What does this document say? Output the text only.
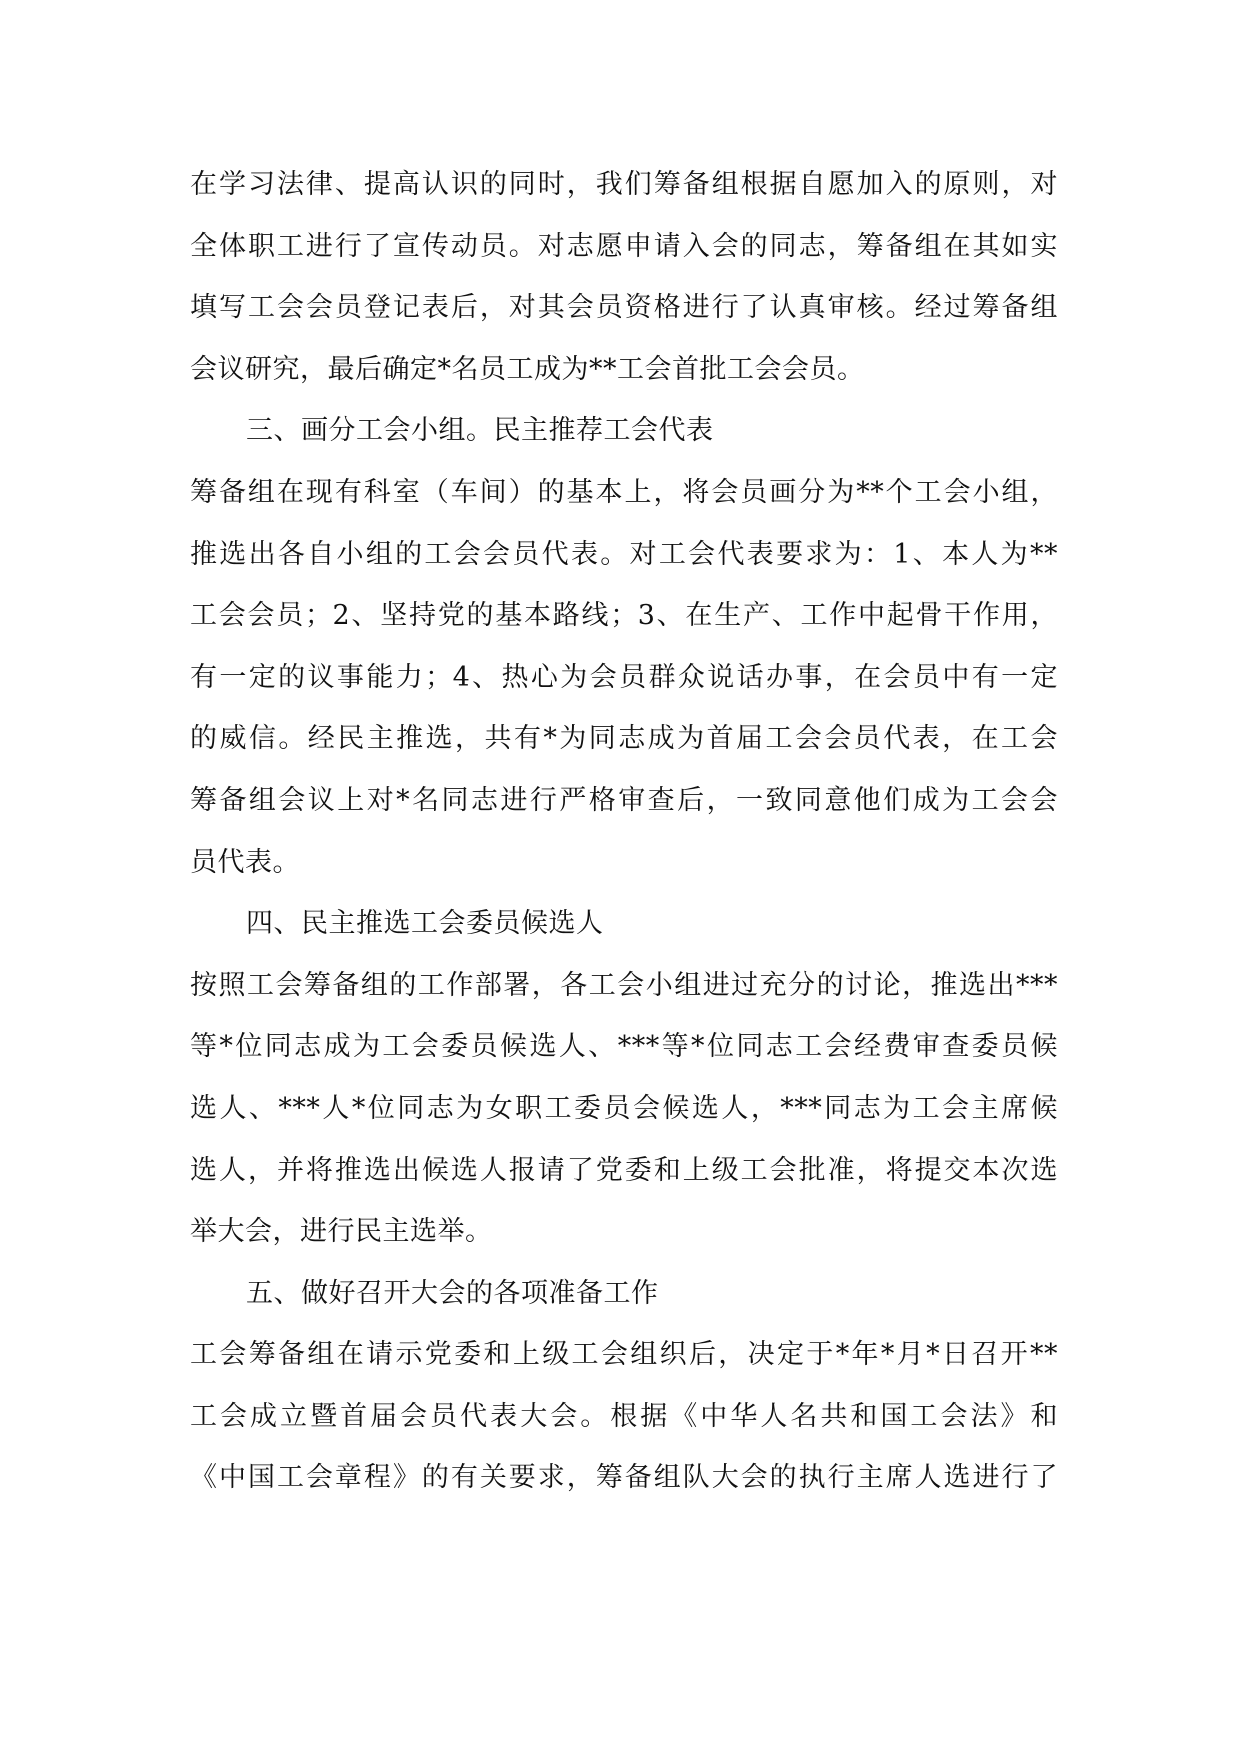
在学习法律、提高认识的同时，我们筹备组根据自愿加入的原则，对
全体职工进行了宣传动员。对志愿申请入会的同志，筹备组在其如实
填写工会会员登记表后，对其会员资格进行了认真审核。经过筹备组
会议研究，最后确定*名员工成为**工会首批工会会员。
三、画分工会小组。民主推荐工会代表
筹备组在现有科室（车间）的基本上，将会员画分为**个工会小组，
推选出各自小组的工会会员代表。对工会代表要求为：1、本人为**
工会会员；2、坚持党的基本路线；3、在生产、工作中起骨干作用，
有一定的议事能力；4、热心为会员群众说话办事，在会员中有一定
的威信。经民主推选，共有*为同志成为首届工会会员代表，在工会
筹备组会议上对*名同志进行严格审查后，一致同意他们成为工会会
员代表。
四、民主推选工会委员候选人
按照工会筹备组的工作部署，各工会小组进过充分的讨论，推选出***
等*位同志成为工会委员候选人、***等*位同志工会经费审查委员候
选人、***人*位同志为女职工委员会候选人，***同志为工会主席候
选人，并将推选出候选人报请了党委和上级工会批准，将提交本次选
举大会，进行民主选举。
五、做好召开大会的各项准备工作
工会筹备组在请示党委和上级工会组织后，决定于*年*月*日召开**
工会成立暨首届会员代表大会。根据《中华人名共和国工会法》和
《中国工会章程》的有关要求，筹备组队大会的执行主席人选进行了
